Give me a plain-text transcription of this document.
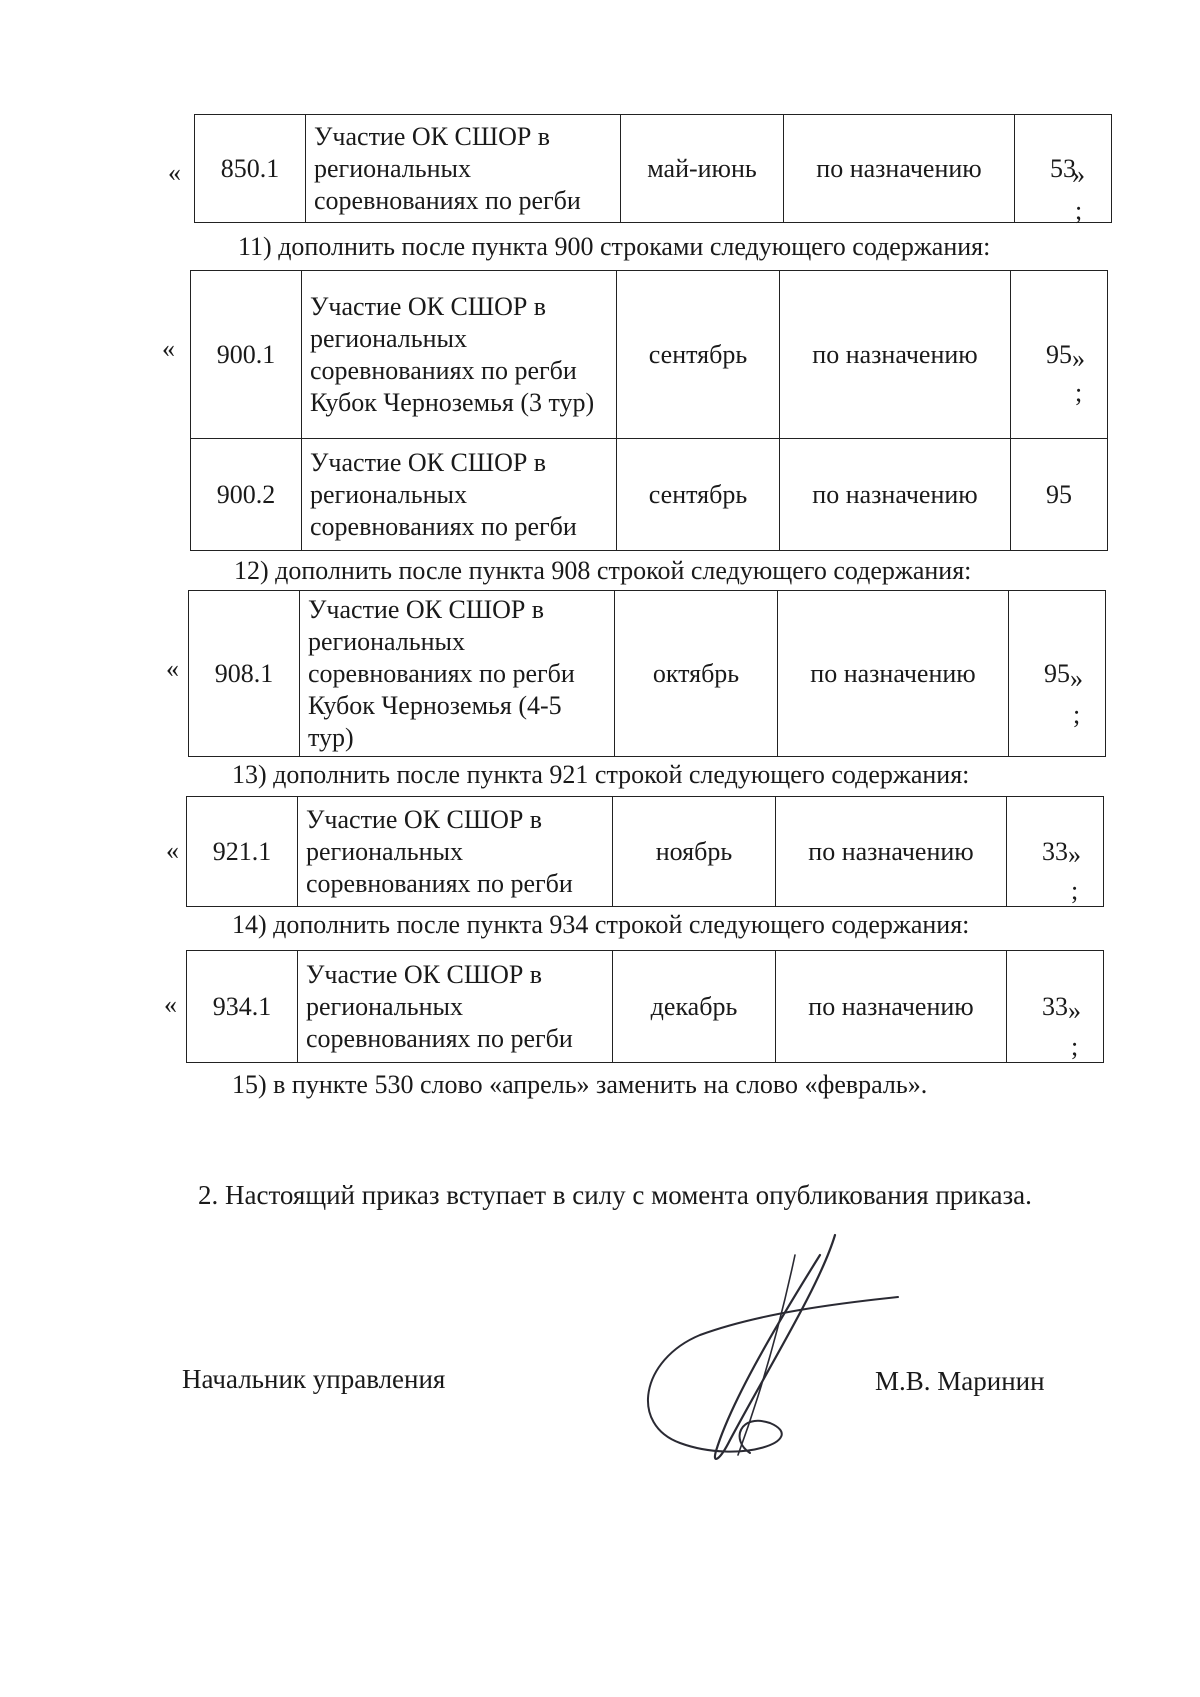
« 850.1	Участие ОК СШОР в региональных соревнованиях по регби	май-июнь	по назначению	53
»
;
11) дополнить после пункта 900 строками следующего содержания:
« 900.1	Участие ОК СШОР в региональных соревнованиях по регби Кубок Черноземья (3 тур)	сентябрь	по назначению	95
900.2	Участие ОК СШОР в региональных соревнованиях по регби	сентябрь	по назначению	95
»
;
12) дополнить после пункта 908 строкой следующего содержания:
« 908.1	Участие ОК СШОР в региональных соревнованиях по регби Кубок Черноземья (4-5 тур)	октябрь	по назначению	95 »
;
13) дополнить после пункта 921 строкой следующего содержания:
« 921.1	Участие ОК СШОР в региональных соревнованиях по регби	ноябрь	по назначению	33 »
;
14) дополнить после пункта 934 строкой следующего содержания:
« 934.1	Участие ОК СШОР в региональных соревнованиях по регби	декабрь	по назначению	33 »
;
15) в пункте 530 слово «апрель» заменить на слово «февраль».
2. Настоящий приказ вступает в силу с момента опубликования приказа.
Начальник управления	М.В. Маринин
